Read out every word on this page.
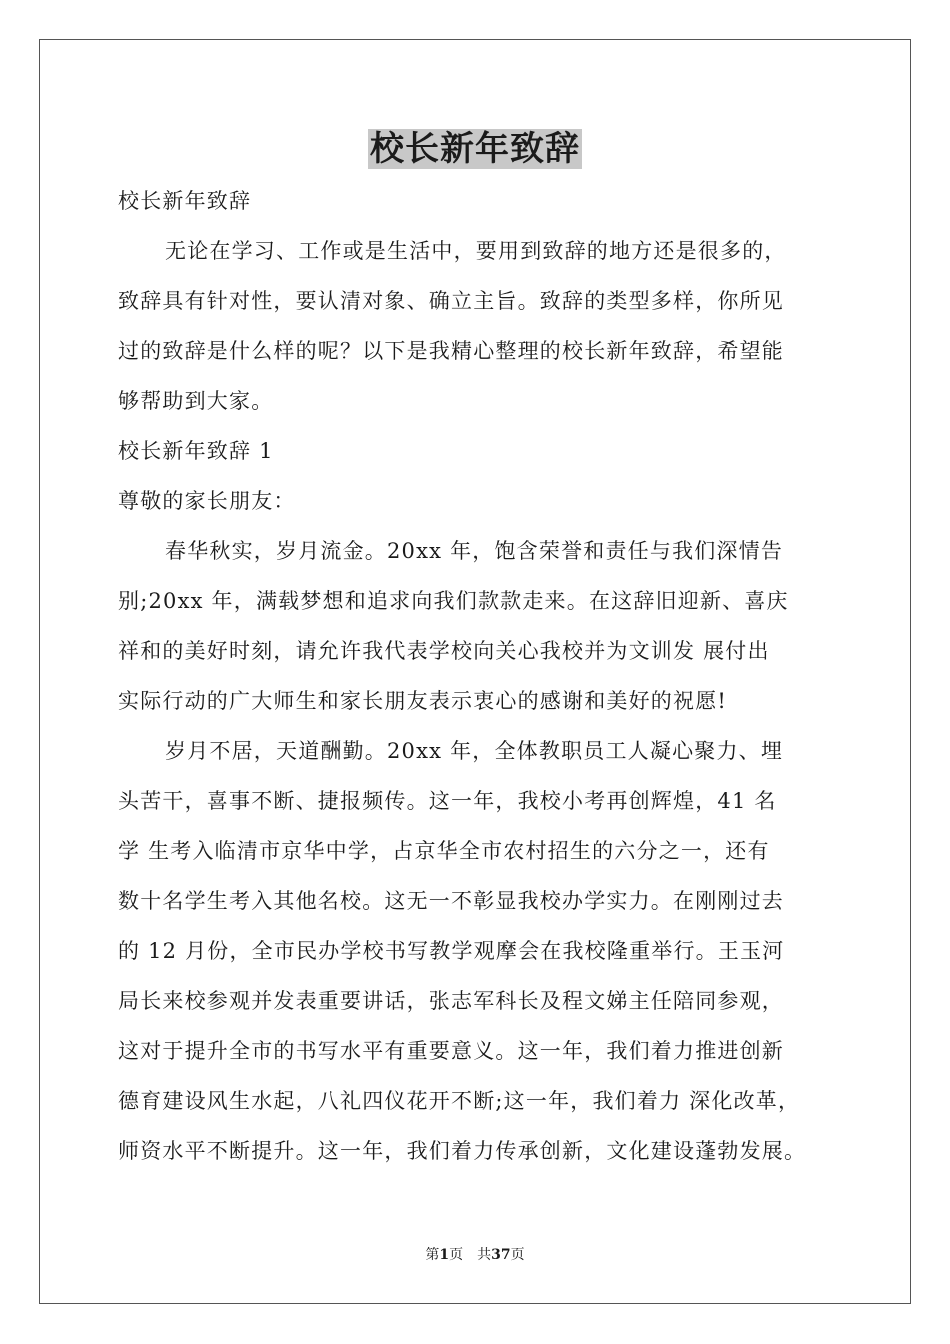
校长新年致辞
校长新年致辞
无论在学习、工作或是生活中，要用到致辞的地方还是很多的，
致辞具有针对性，要认清对象、确立主旨。致辞的类型多样，你所见
过的致辞是什么样的呢？以下是我精心整理的校长新年致辞，希望能
够帮助到大家。
校长新年致辞 1
尊敬的家长朋友：
春华秋实，岁月流金。20xx 年，饱含荣誉和责任与我们深情告
别;20xx 年，满载梦想和追求向我们款款走来。在这辞旧迎新、喜庆
祥和的美好时刻，请允许我代表学校向关心我校并为文训发 展付出
实际行动的广大师生和家长朋友表示衷心的感谢和美好的祝愿!
岁月不居，天道酬勤。20xx 年，全体教职员工人凝心聚力、埋
头苦干，喜事不断、捷报频传。这一年，我校小考再创辉煌，41 名
学 生考入临清市京华中学，占京华全市农村招生的六分之一，还有
数十名学生考入其他名校。这无一不彰显我校办学实力。在刚刚过去
的 12 月份，全市民办学校书写教学观摩会在我校隆重举行。王玉河
局长来校参观并发表重要讲话，张志军科长及程文娣主任陪同参观，
这对于提升全市的书写水平有重要意义。这一年，我们着力推进创新
德育建设风生水起，八礼四仪花开不断;这一年，我们着力 深化改革，
师资水平不断提升。这一年，我们着力传承创新，文化建设蓬勃发展。
第1页 共37页
